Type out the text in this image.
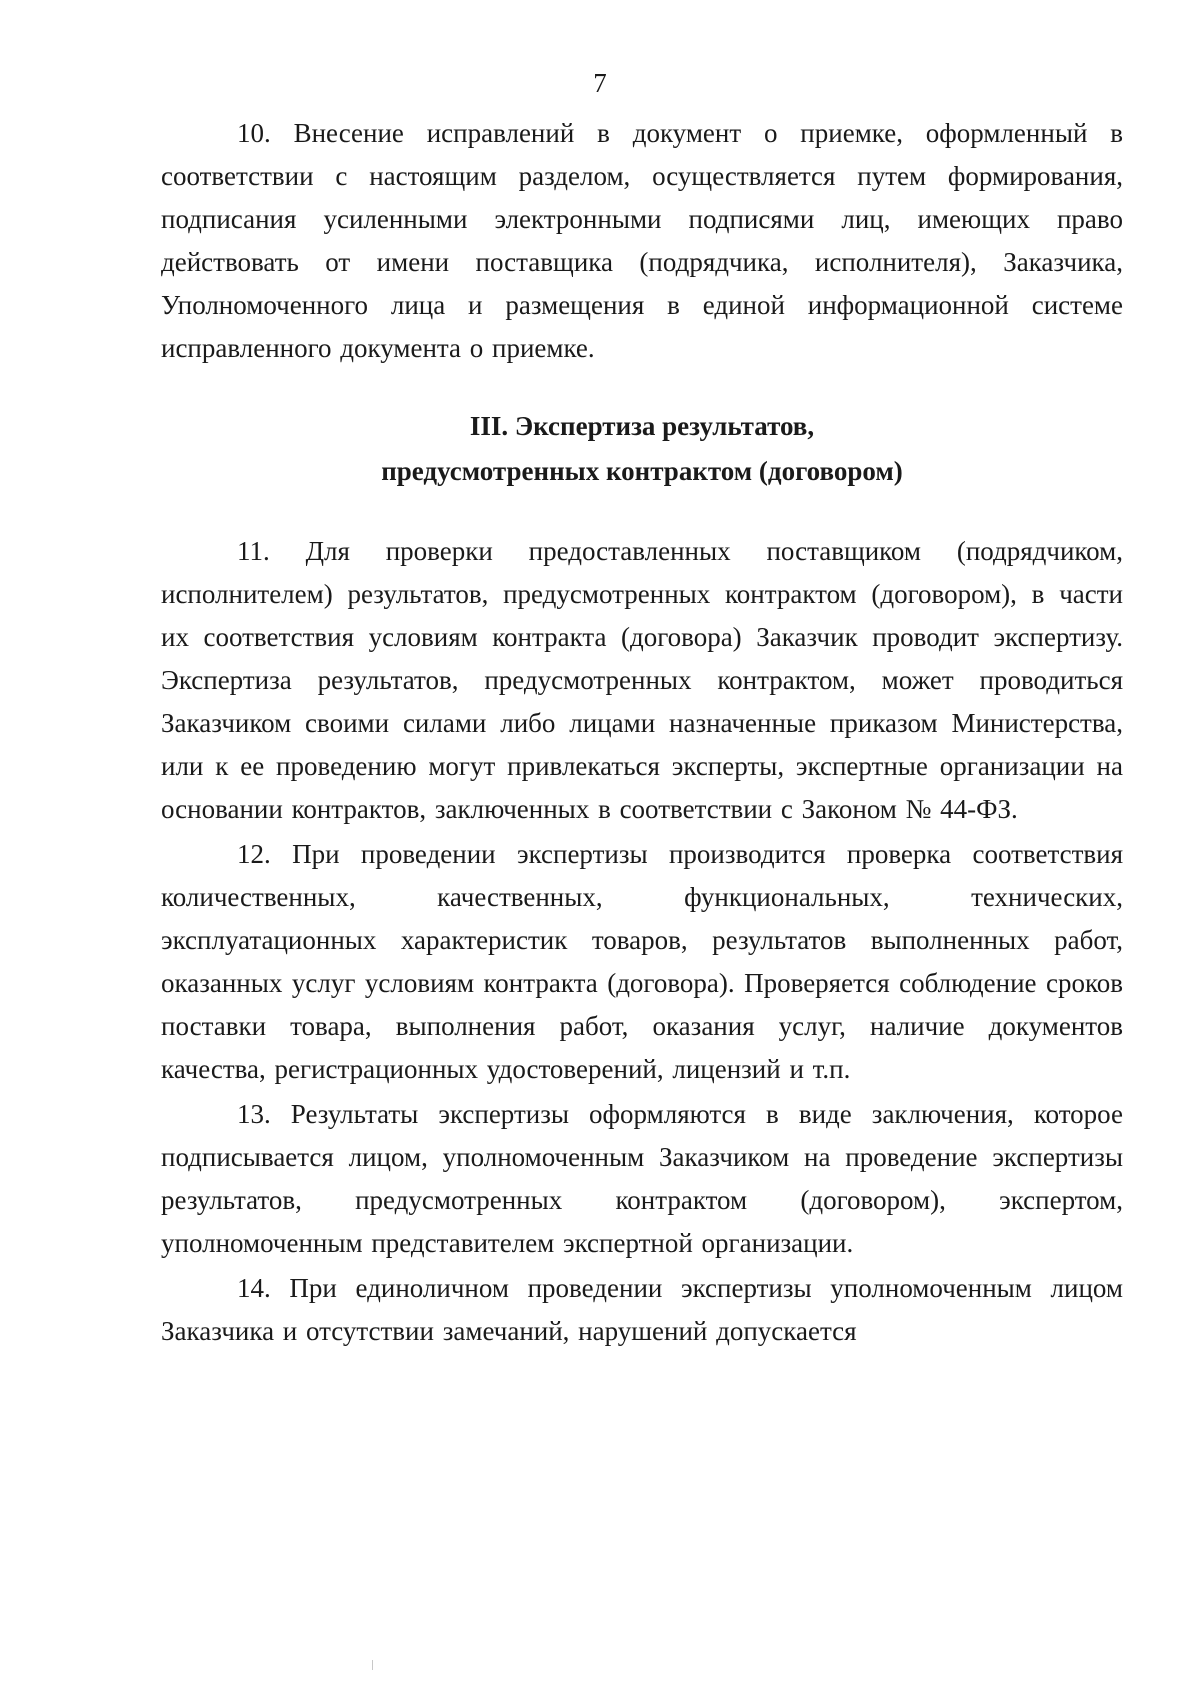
7

10. Внесение исправлений в документ о приемке, оформленный в соответствии с настоящим разделом, осуществляется путем формирования, подписания усиленными электронными подписями лиц, имеющих право действовать от имени поставщика (подрядчика, исполнителя), Заказчика, Уполномоченного лица и размещения в единой информационной системе исправленного документа о приемке.

III. Экспертиза результатов,
предусмотренных контрактом (договором)

11. Для проверки предоставленных поставщиком (подрядчиком, исполнителем) результатов, предусмотренных контрактом (договором), в части их соответствия условиям контракта (договора) Заказчик проводит экспертизу. Экспертиза результатов, предусмотренных контрактом, может проводиться Заказчиком своими силами либо лицами назначенные приказом Министерства, или к ее проведению могут привлекаться эксперты, экспертные организации на основании контрактов, заключенных в соответствии с Законом № 44-ФЗ.

12. При проведении экспертизы производится проверка соответствия количественных, качественных, функциональных, технических, эксплуатационных характеристик товаров, результатов выполненных работ, оказанных услуг условиям контракта (договора). Проверяется соблюдение сроков поставки товара, выполнения работ, оказания услуг, наличие документов качества, регистрационных удостоверений, лицензий и т.п.

13. Результаты экспертизы оформляются в виде заключения, которое подписывается лицом, уполномоченным Заказчиком на проведение экспертизы результатов, предусмотренных контрактом (договором), экспертом, уполномоченным представителем экспертной организации.

14. При единоличном проведении экспертизы уполномоченным лицом Заказчика и отсутствии замечаний, нарушений допускается
